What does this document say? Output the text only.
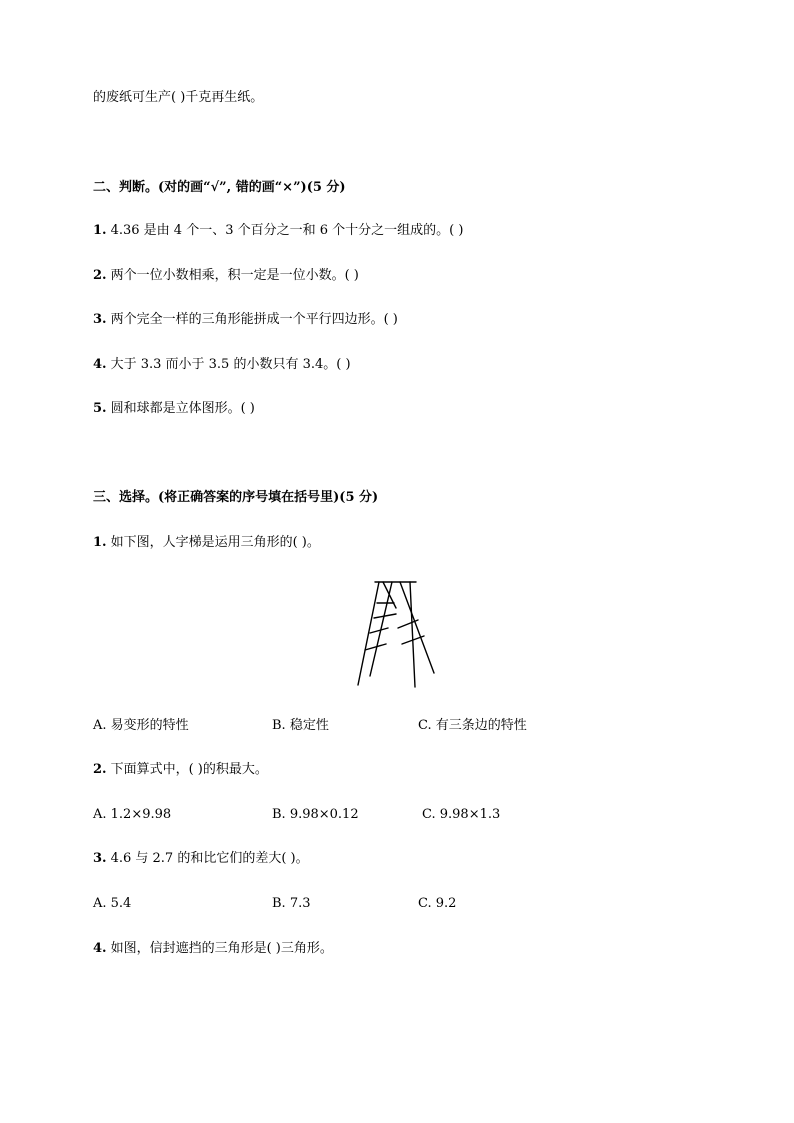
的废纸可生产( )千克再生纸。
二、判断。(对的画“√”, 错的画“×”)(5 分)
1. 4.36 是由 4 个一、3 个百分之一和 6 个十分之一组成的。( )
2. 两个一位小数相乘，积一定是一位小数。( )
3. 两个完全一样的三角形能拼成一个平行四边形。( )
4. 大于 3.3 而小于 3.5 的小数只有 3.4。( )
5. 圆和球都是立体图形。( )
三、选择。(将正确答案的序号填在括号里)(5 分)
1. 如下图，人字梯是运用三角形的( )。
A. 易变形的特性	B. 稳定性	C. 有三条边的特性
2. 下面算式中，( )的积最大。
A. 1.2×9.98	B. 9.98×0.12	C. 9.98×1.3
3. 4.6 与 2.7 的和比它们的差大( )。
A. 5.4	B. 7.3	C. 9.2
4. 如图，信封遮挡的三角形是( )三角形。
